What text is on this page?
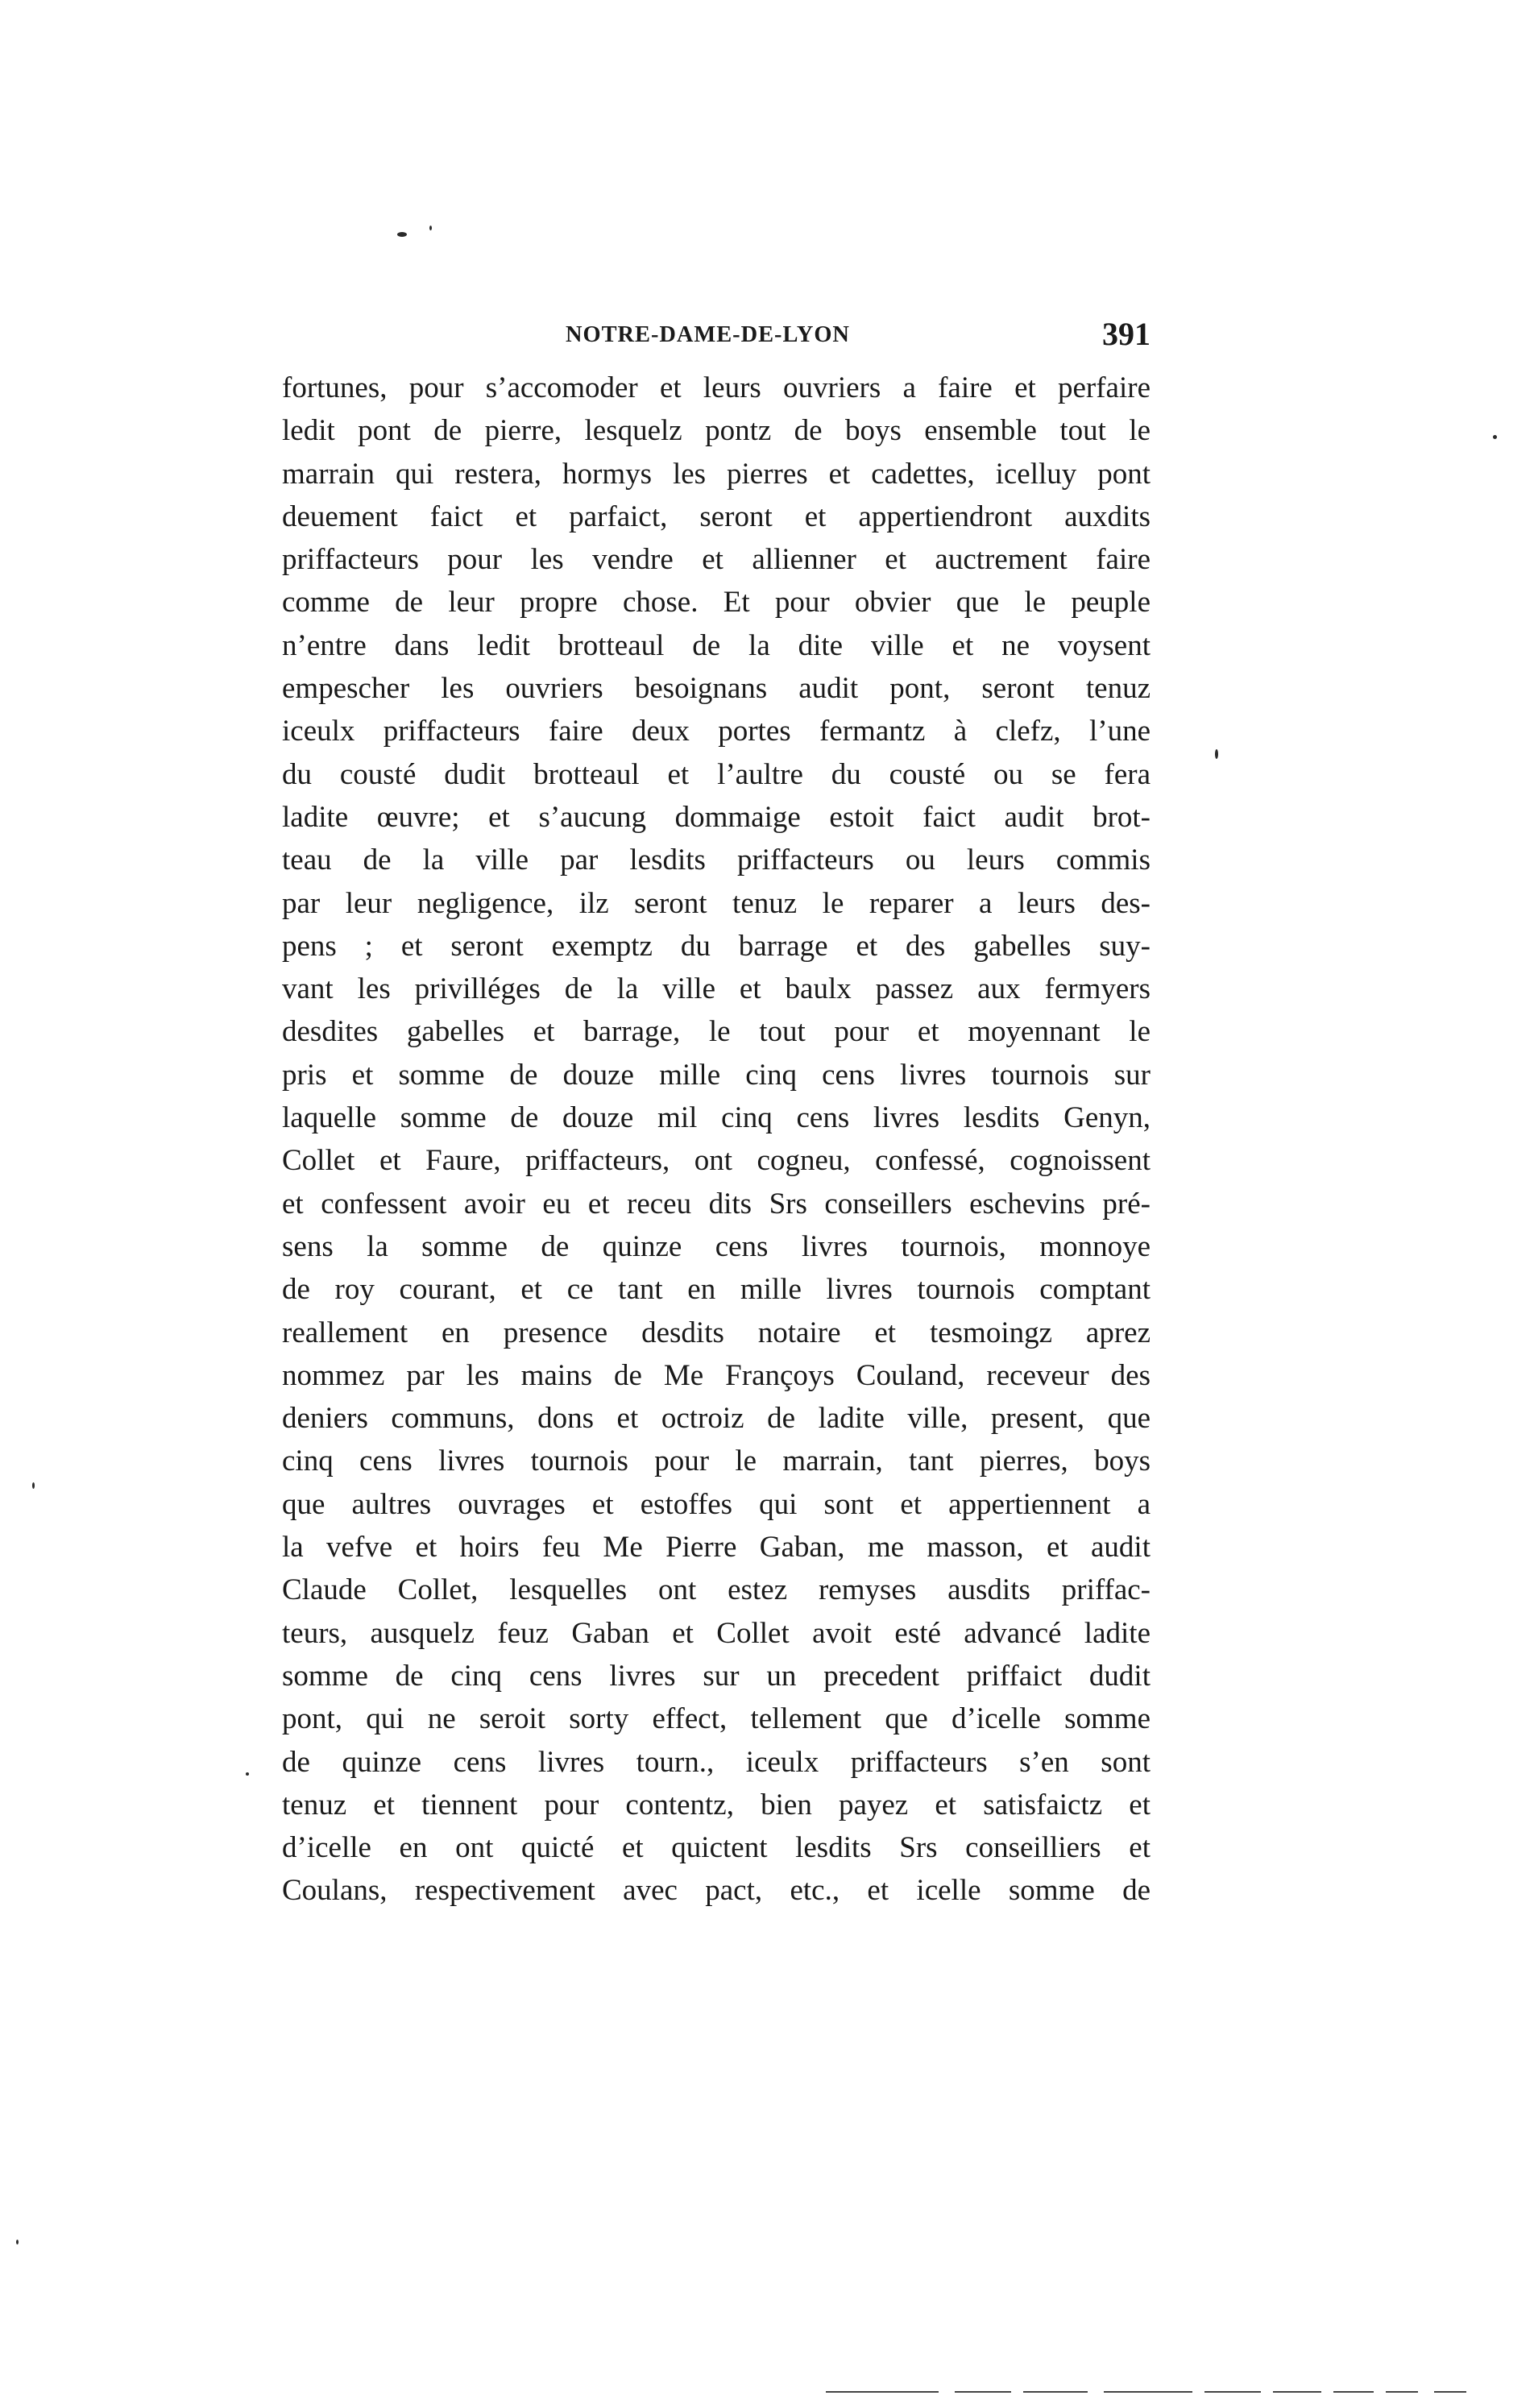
NOTRE-DAME-DE-LYON	391
fortunes, pour s’accomoder et leurs ouvriers a faire et perfaire
ledit pont de pierre, lesquelz pontz de boys ensemble tout le
marrain qui restera, hormys les pierres et cadettes, icelluy pont
deuement faict et parfaict, seront et appertiendront auxdits
priffacteurs pour les vendre et allienner et auctrement faire
comme de leur propre chose. Et pour obvier que le peuple
n’entre dans ledit brotteaul de la dite ville et ne voysent
empescher les ouvriers besoignans audit pont, seront tenuz
iceulx priffacteurs faire deux portes fermantz à clefz, l’une
du cousté dudit brotteaul et l’aultre du cousté ou se fera
ladite œuvre; et s’aucung dommaige estoit faict audit brot-
teau de la ville par lesdits priffacteurs ou leurs commis
par leur negligence, ilz seront tenuz le reparer a leurs des-
pens ; et seront exemptz du barrage et des gabelles suy-
vant les privilléges de la ville et baulx passez aux fermyers
desdites gabelles et barrage, le tout pour et moyennant le
pris et somme de douze mille cinq cens livres tournois sur
laquelle somme de douze mil cinq cens livres lesdits Genyn,
Collet et Faure, priffacteurs, ont cogneu, confessé, cognoissent
et confessent avoir eu et receu dits Srs conseillers eschevins pré-
sens la somme de quinze cens livres tournois, monnoye
de roy courant, et ce tant en mille livres tournois comptant
reallement en presence desdits notaire et tesmoingz aprez
nommez par les mains de Me Françoys Couland, receveur des
deniers communs, dons et octroiz de ladite ville, present, que
cinq cens livres tournois pour le marrain, tant pierres, boys
que aultres ouvrages et estoffes qui sont et appertiennent a
la vefve et hoirs feu Me Pierre Gaban, me masson, et audit
Claude Collet, lesquelles ont estez remyses ausdits priffac-
teurs, ausquelz feuz Gaban et Collet avoit esté advancé ladite
somme de cinq cens livres sur un precedent priffaict dudit
pont, qui ne seroit sorty effect, tellement que d’icelle somme
de quinze cens livres tourn., iceulx priffacteurs s’en sont
tenuz et tiennent pour contentz, bien payez et satisfaictz et
d’icelle en ont quicté et quictent lesdits Srs conseilliers et
Coulans, respectivement avec pact, etc., et icelle somme de
